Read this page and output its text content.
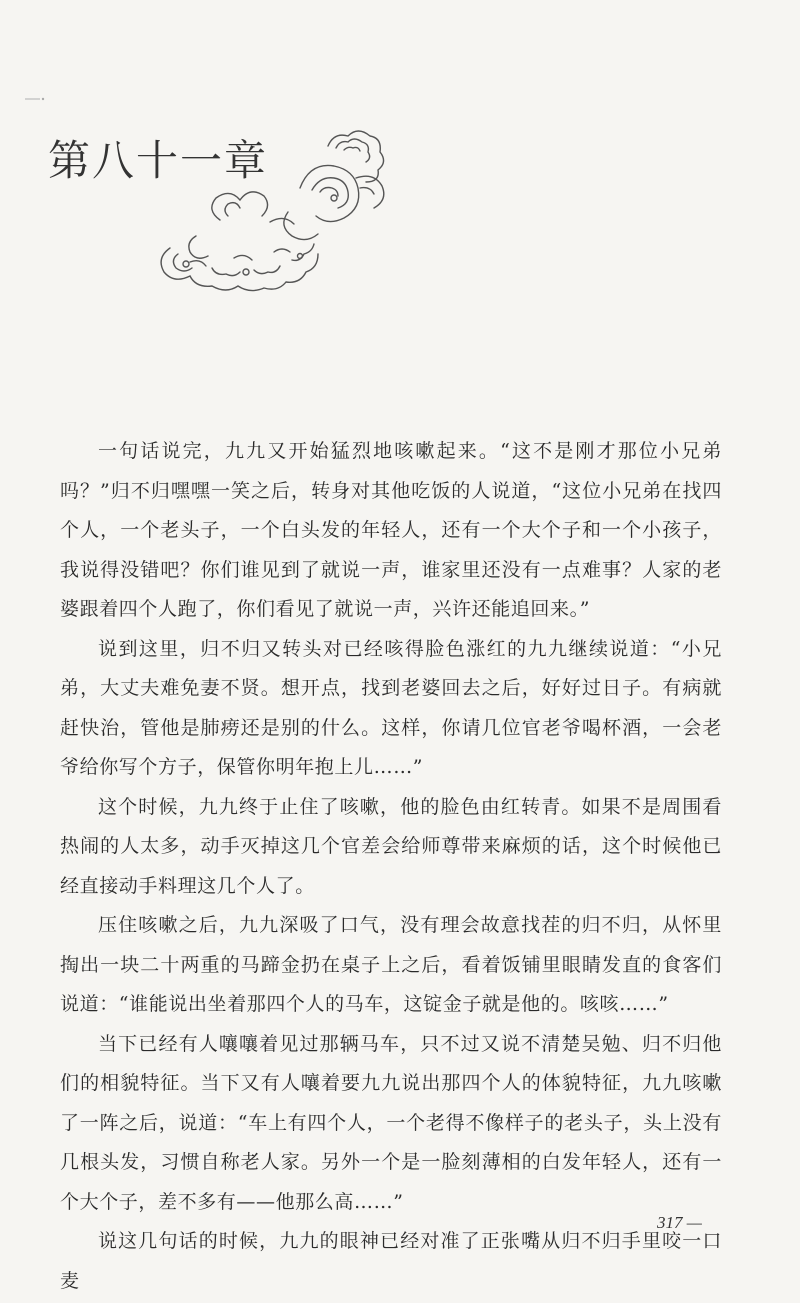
第八十一章

一句话说完，九九又开始猛烈地咳嗽起来。“这不是刚才那位小兄弟吗？”归不归嘿嘿一笑之后，转身对其他吃饭的人说道，“这位小兄弟在找四个人，一个老头子，一个白头发的年轻人，还有一个大个子和一个小孩子，我说得没错吧？你们谁见到了就说一声，谁家里还没有一点难事？人家的老婆跟着四个人跑了，你们看见了就说一声，兴许还能追回来。”

说到这里，归不归又转头对已经咳得脸色涨红的九九继续说道：“小兄弟，大丈夫难免妻不贤。想开点，找到老婆回去之后，好好过日子。有病就赶快治，管他是肺痨还是别的什么。这样，你请几位官老爷喝杯酒，一会老爷给你写个方子，保管你明年抱上儿……”

这个时候，九九终于止住了咳嗽，他的脸色由红转青。如果不是周围看热闹的人太多，动手灭掉这几个官差会给师尊带来麻烦的话，这个时候他已经直接动手料理这几个人了。

压住咳嗽之后，九九深吸了口气，没有理会故意找茬的归不归，从怀里掏出一块二十两重的马蹄金扔在桌子上之后，看着饭铺里眼睛发直的食客们说道：“谁能说出坐着那四个人的马车，这锭金子就是他的。咳咳……”

当下已经有人嚷嚷着见过那辆马车，只不过又说不清楚吴勉、归不归他们的相貌特征。当下又有人嚷着要九九说出那四个人的体貌特征，九九咳嗽了一阵之后，说道：“车上有四个人，一个老得不像样子的老头子，头上没有几根头发，习惯自称老人家。另外一个是一脸刻薄相的白发年轻人，还有一个大个子，差不多有——他那么高……”

说这几句话的时候，九九的眼神已经对准了正张嘴从归不归手里咬一口麦

317 —
